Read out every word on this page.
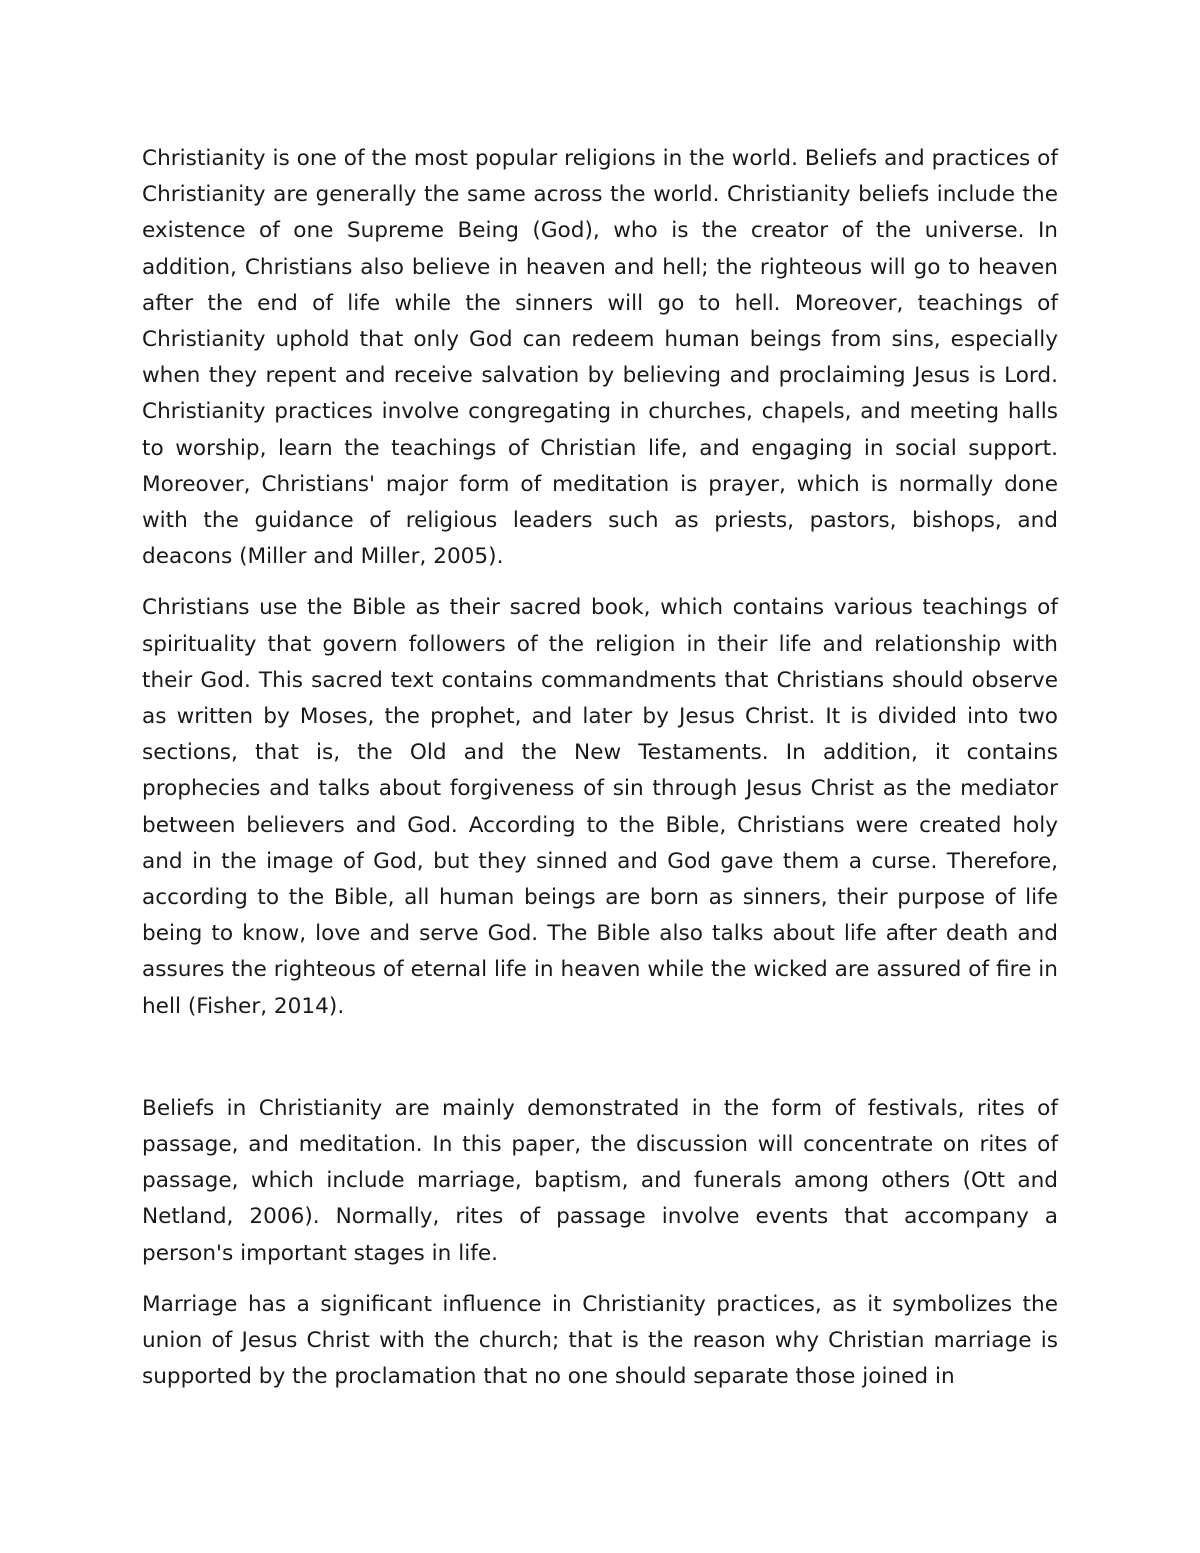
Christianity is one of the most popular religions in the world. Beliefs and practices of Christianity are generally the same across the world. Christianity beliefs include the existence of one Supreme Being (God), who is the creator of the universe. In addition, Christians also believe in heaven and hell; the righteous will go to heaven after the end of life while the sinners will go to hell. Moreover, teachings of Christianity uphold that only God can redeem human beings from sins, especially when they repent and receive salvation by believing and proclaiming Jesus is Lord. Christianity practices involve congregating in churches, chapels, and meeting halls to worship, learn the teachings of Christian life, and engaging in social support. Moreover, Christians' major form of meditation is prayer, which is normally done with the guidance of religious leaders such as priests, pastors, bishops, and deacons (Miller and Miller, 2005).

Christians use the Bible as their sacred book, which contains various teachings of spirituality that govern followers of the religion in their life and relationship with their God. This sacred text contains commandments that Christians should observe as written by Moses, the prophet, and later by Jesus Christ. It is divided into two sections, that is, the Old and the New Testaments. In addition, it contains prophecies and talks about forgiveness of sin through Jesus Christ as the mediator between believers and God. According to the Bible, Christians were created holy and in the image of God, but they sinned and God gave them a curse. Therefore, according to the Bible, all human beings are born as sinners, their purpose of life being to know, love and serve God. The Bible also talks about life after death and assures the righteous of eternal life in heaven while the wicked are assured of fire in hell (Fisher, 2014).

Beliefs in Christianity are mainly demonstrated in the form of festivals, rites of passage, and meditation. In this paper, the discussion will concentrate on rites of passage, which include marriage, baptism, and funerals among others (Ott and Netland, 2006). Normally, rites of passage involve events that accompany a person's important stages in life.

Marriage has a significant influence in Christianity practices, as it symbolizes the union of Jesus Christ with the church; that is the reason why Christian marriage is supported by the proclamation that no one should separate those joined in
